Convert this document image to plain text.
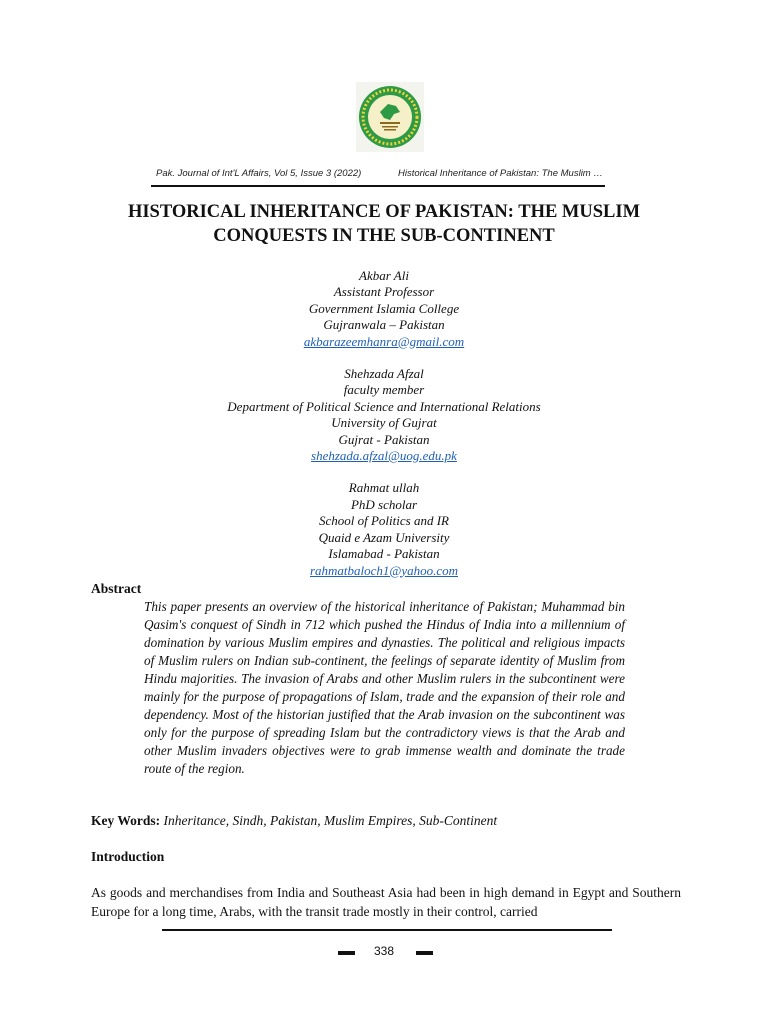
Pak. Journal of Int'L Affairs, Vol 5, Issue 3 (2022)	Historical Inheritance of Pakistan: The Muslim …
HISTORICAL INHERITANCE OF PAKISTAN: THE MUSLIM
CONQUESTS IN THE SUB-CONTINENT
Akbar Ali
Assistant Professor
Government Islamia College
Gujranwala – Pakistan
akbarazeemhanra@gmail.com
Shehzada Afzal
faculty member
Department of Political Science and International Relations
University of Gujrat
Gujrat - Pakistan
shehzada.afzal@uog.edu.pk
Rahmat ullah
PhD scholar
School of Politics and IR
Quaid e Azam University
Islamabad - Pakistan
rahmatbaloch1@yahoo.com
Abstract
This paper presents an overview of the historical inheritance of Pakistan; Muhammad bin Qasim's conquest of Sindh in 712 which pushed the Hindus of India into a millennium of domination by various Muslim empires and dynasties. The political and religious impacts of Muslim rulers on Indian sub-continent, the feelings of separate identity of Muslim from Hindu majorities. The invasion of Arabs and other Muslim rulers in the subcontinent were mainly for the purpose of propagations of Islam, trade and the expansion of their role and dependency. Most of the historian justified that the Arab invasion on the subcontinent was only for the purpose of spreading Islam but the contradictory views is that the Arab and other Muslim invaders objectives were to grab immense wealth and dominate the trade route of the region.
Key Words: Inheritance, Sindh, Pakistan, Muslim Empires, Sub-Continent
Introduction
As goods and merchandises from India and Southeast Asia had been in high demand in Egypt and Southern Europe for a long time, Arabs, with the transit trade mostly in their control, carried
338
